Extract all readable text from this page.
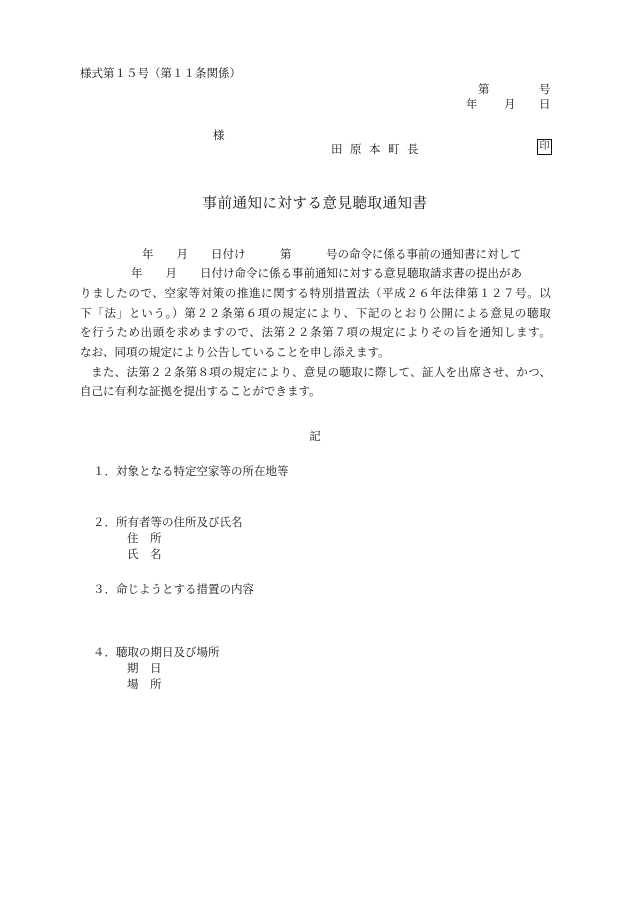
様式第１５号（第１１条関係）
第	号
年 月 日
様
田原本町長	印
事前通知に対する意見聴取通知書
年　　月　　日付け　　　第　　　号の命令に係る事前の通知書に対して
年　　月　　日付け命令に係る事前通知に対する意見聴取請求書の提出があ
りましたので、空家等対策の推進に関する特別措置法（平成２６年法律第１２７号。以
下「法」という。）第２２条第６項の規定により、下記のとおり公開による意見の聴取
を行うため出頭を求めますので、法第２２条第７項の規定によりその旨を通知します。
なお、同項の規定により公告していることを申し添えます。
また、法第２２条第８項の規定により、意見の聴取に際して、証人を出席させ、かつ、
自己に有利な証拠を提出することができます。
記
１．対象となる特定空家等の所在地等
２．所有者等の住所及び氏名
住　所
氏　名
３．命じようとする措置の内容
４．聴取の期日及び場所
期　日
場　所
